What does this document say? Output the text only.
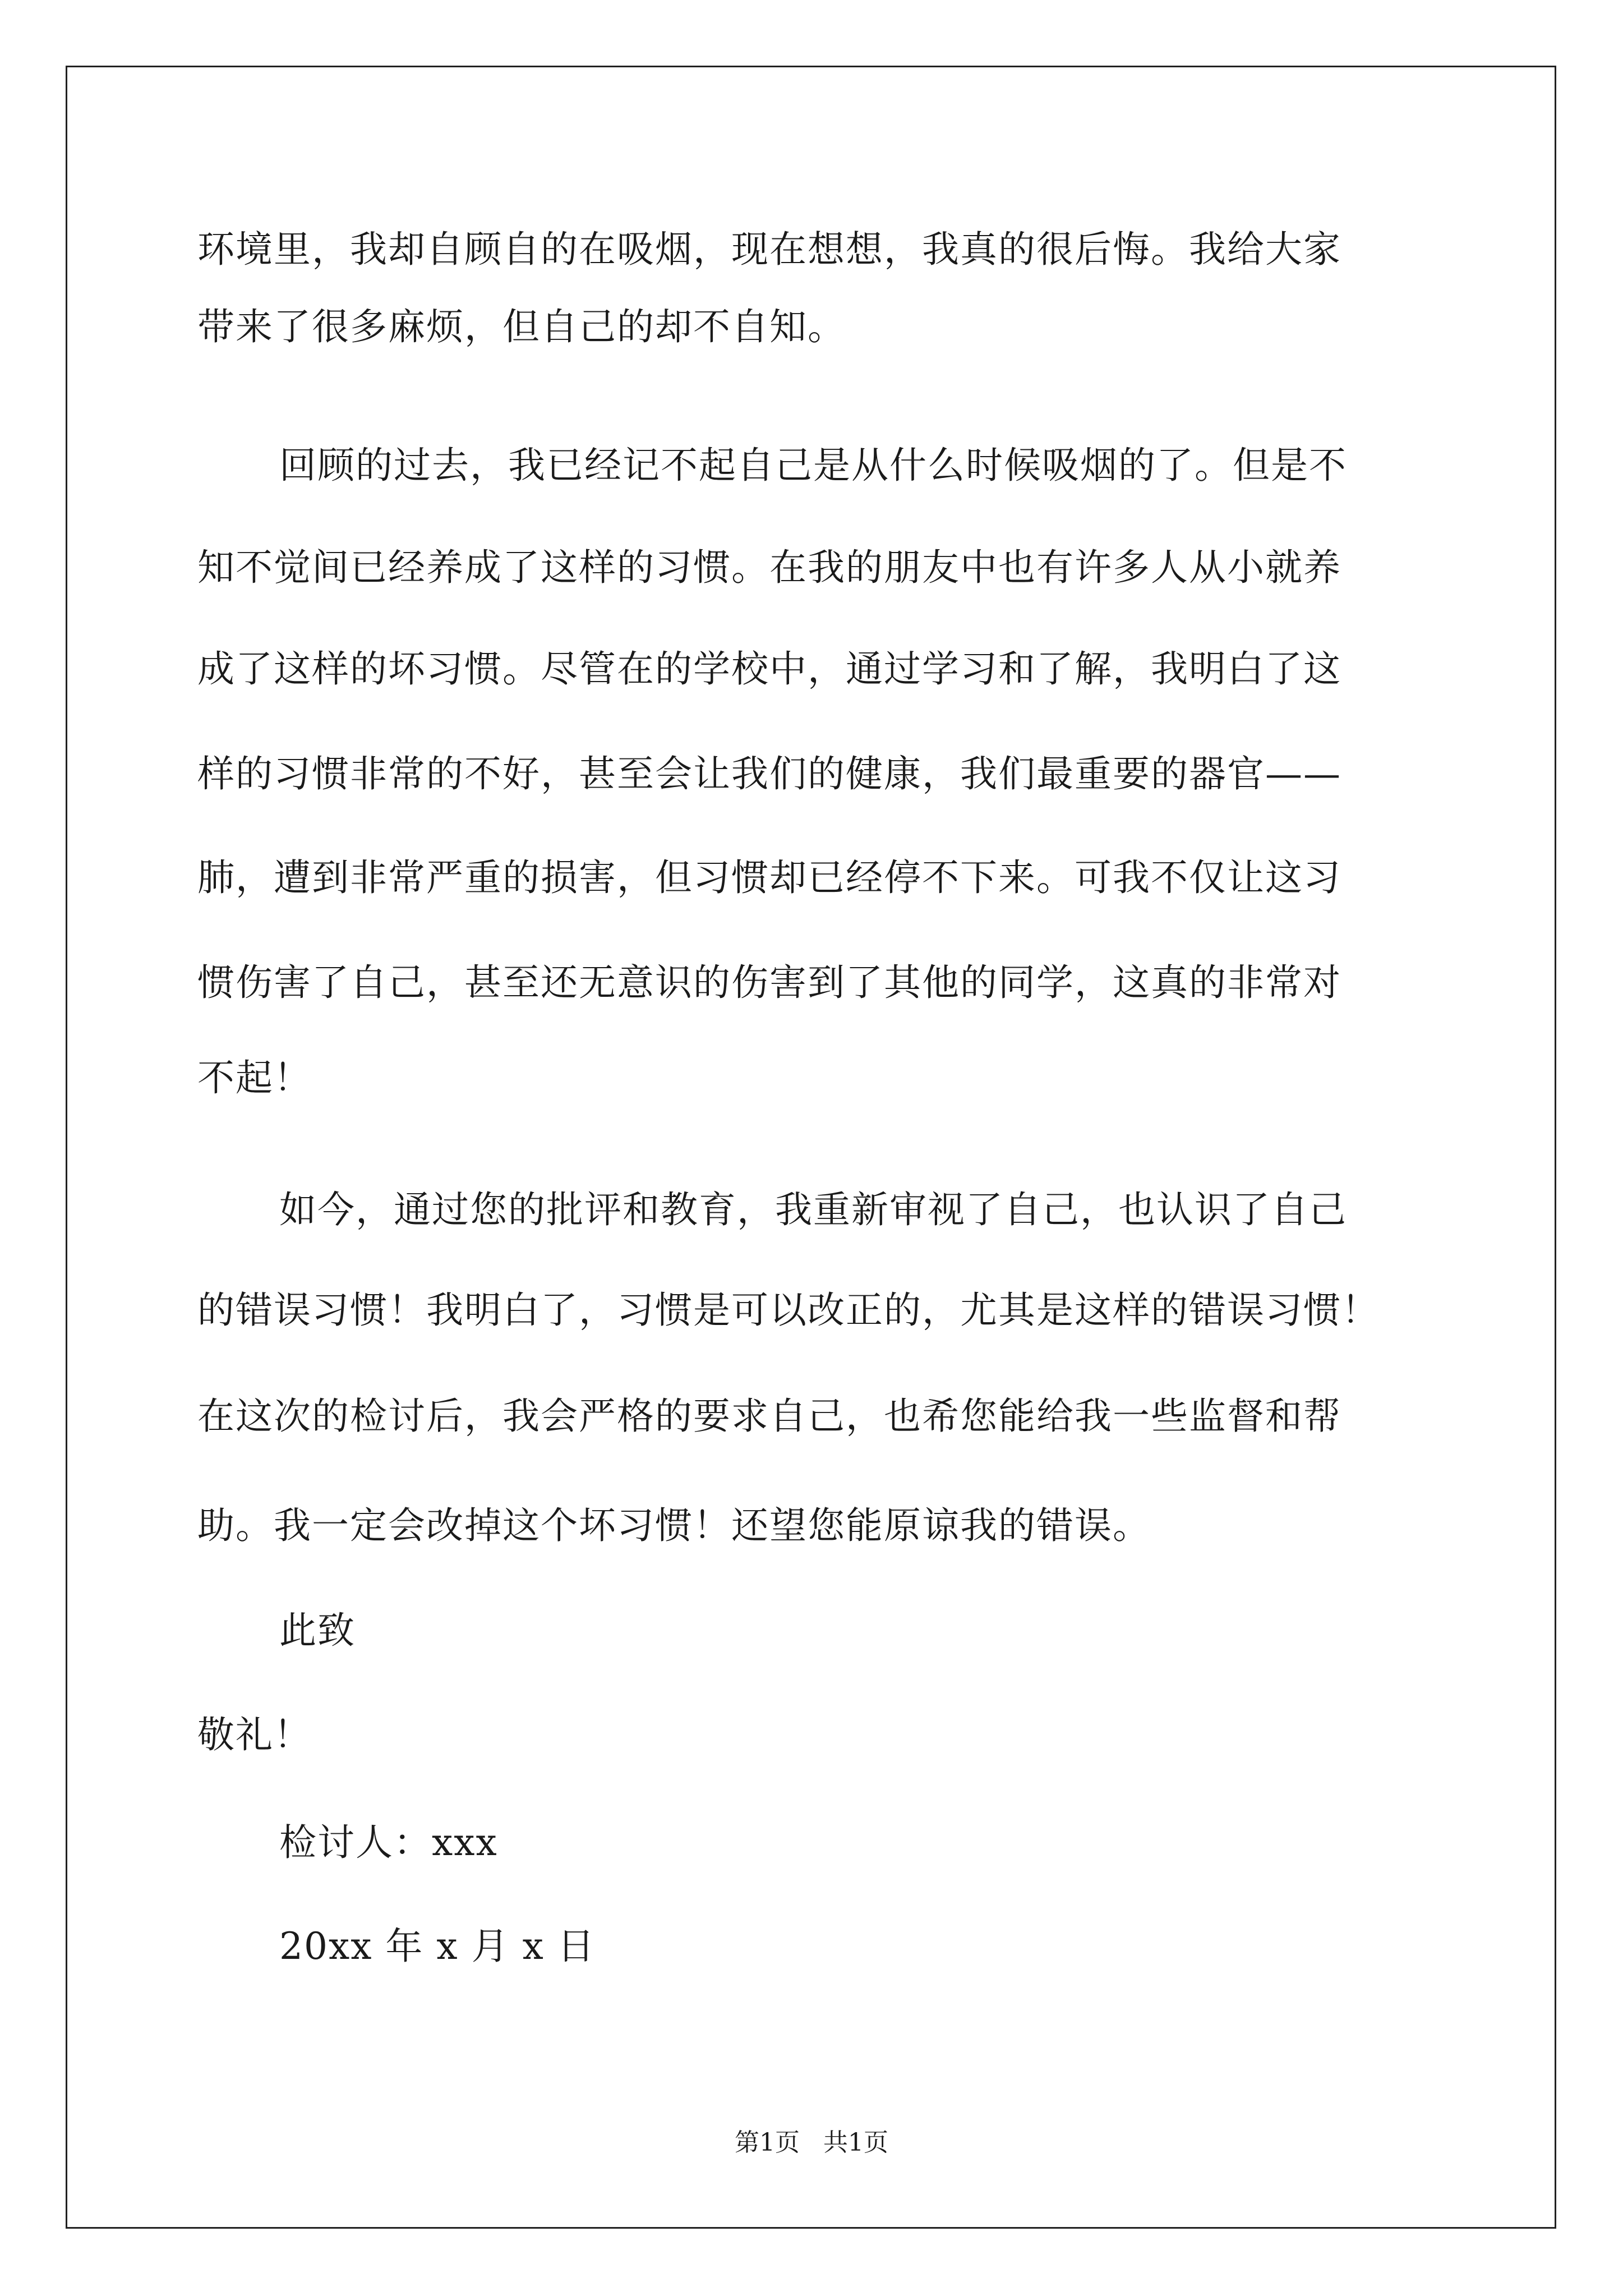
环境里，我却自顾自的在吸烟，现在想想，我真的很后悔。我给大家

带来了很多麻烦，但自己的却不自知。

回顾的过去，我已经记不起自己是从什么时候吸烟的了。但是不

知不觉间已经养成了这样的习惯。在我的朋友中也有许多人从小就养

成了这样的坏习惯。尽管在的学校中，通过学习和了解，我明白了这

样的习惯非常的不好，甚至会让我们的健康，我们最重要的器官——

肺，遭到非常严重的损害，但习惯却已经停不下来。可我不仅让这习

惯伤害了自己，甚至还无意识的伤害到了其他的同学，这真的非常对

不起！

如今，通过您的批评和教育，我重新审视了自己，也认识了自己

的错误习惯！我明白了，习惯是可以改正的，尤其是这样的错误习惯！

在这次的检讨后，我会严格的要求自己，也希您能给我一些监督和帮

助。我一定会改掉这个坏习惯！还望您能原谅我的错误。

此致

敬礼！

检讨人：xxx

20xx 年 x 月 x 日

第1页   共1页
